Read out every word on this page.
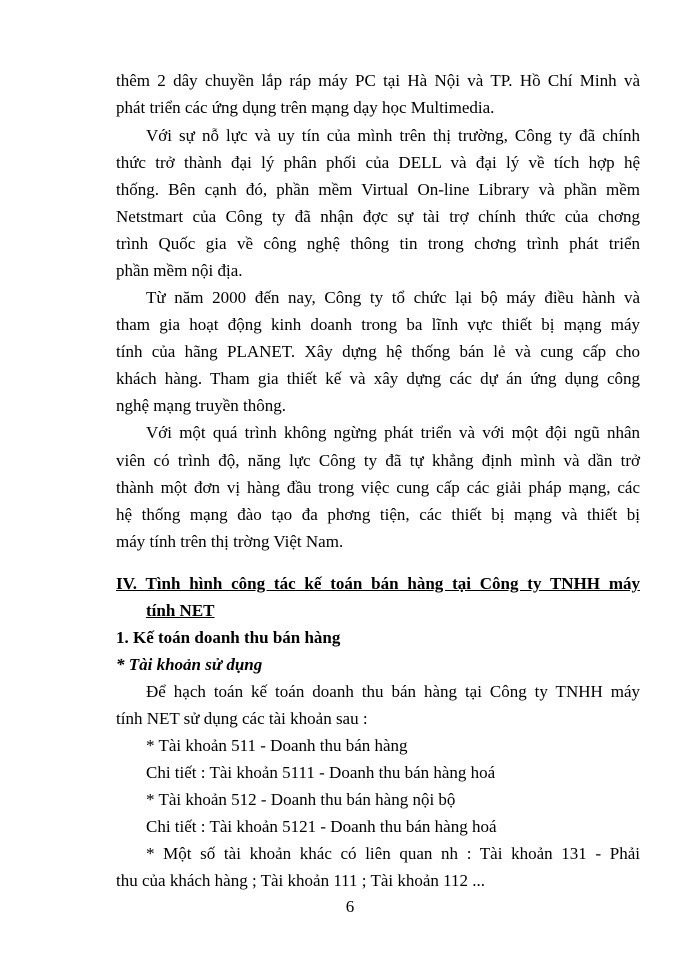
thêm 2 dây chuyền lắp ráp máy PC tại Hà Nội và TP. Hồ Chí Minh và
phát triển các ứng dụng trên mạng dạy học Multimedia.
Với sự nỗ lực và uy tín của mình trên thị trường, Công ty đã chính
thức trở thành đại lý phân phối của DELL và đại lý về tích hợp hệ
thống. Bên cạnh đó, phần mềm Virtual On-line Library và phần mềm
Netstmart của Công ty đã nhận đợc sự tài trợ chính thức của chơng
trình Quốc gia về công nghệ thông tin trong chơng trình phát triển
phần mềm nội địa.
Từ năm 2000 đến nay, Công ty tổ chức lại bộ máy điều hành và
tham gia hoạt động kinh doanh trong ba lĩnh vực thiết bị mạng máy
tính của hãng PLANET. Xây dựng hệ thống bán lẻ và cung cấp cho
khách hàng. Tham gia thiết kế và xây dựng các dự án ứng dụng công
nghệ mạng truyền thông.
Với một quá trình không ngừng phát triển và với một đội ngũ nhân
viên có trình độ, năng lực Công ty đã tự khẳng định mình và dần trở
thành một đơn vị hàng đầu trong việc cung cấp các giải pháp mạng, các
hệ thống mạng đào tạo đa phơng tiện, các thiết bị mạng và thiết bị
máy tính trên thị trờng Việt Nam.
IV. Tình hình công tác kế toán bán hàng tại Công ty TNHH máy
tính NET
1. Kế toán doanh thu bán hàng
* Tài khoản sử dụng
Để hạch toán kế toán doanh thu bán hàng tại Công ty TNHH máy
tính NET sử dụng các tài khoản sau :
* Tài khoản 511 - Doanh thu bán hàng
Chi tiết : Tài khoản 5111 - Doanh thu bán hàng hoá
* Tài khoản 512 - Doanh thu bán hàng nội bộ
Chi tiết : Tài khoản 5121 - Doanh thu bán hàng hoá
* Một số tài khoản khác có liên quan nh : Tài khoản 131 - Phải
thu của khách hàng ; Tài khoản 111 ; Tài khoản 112 ...
6
